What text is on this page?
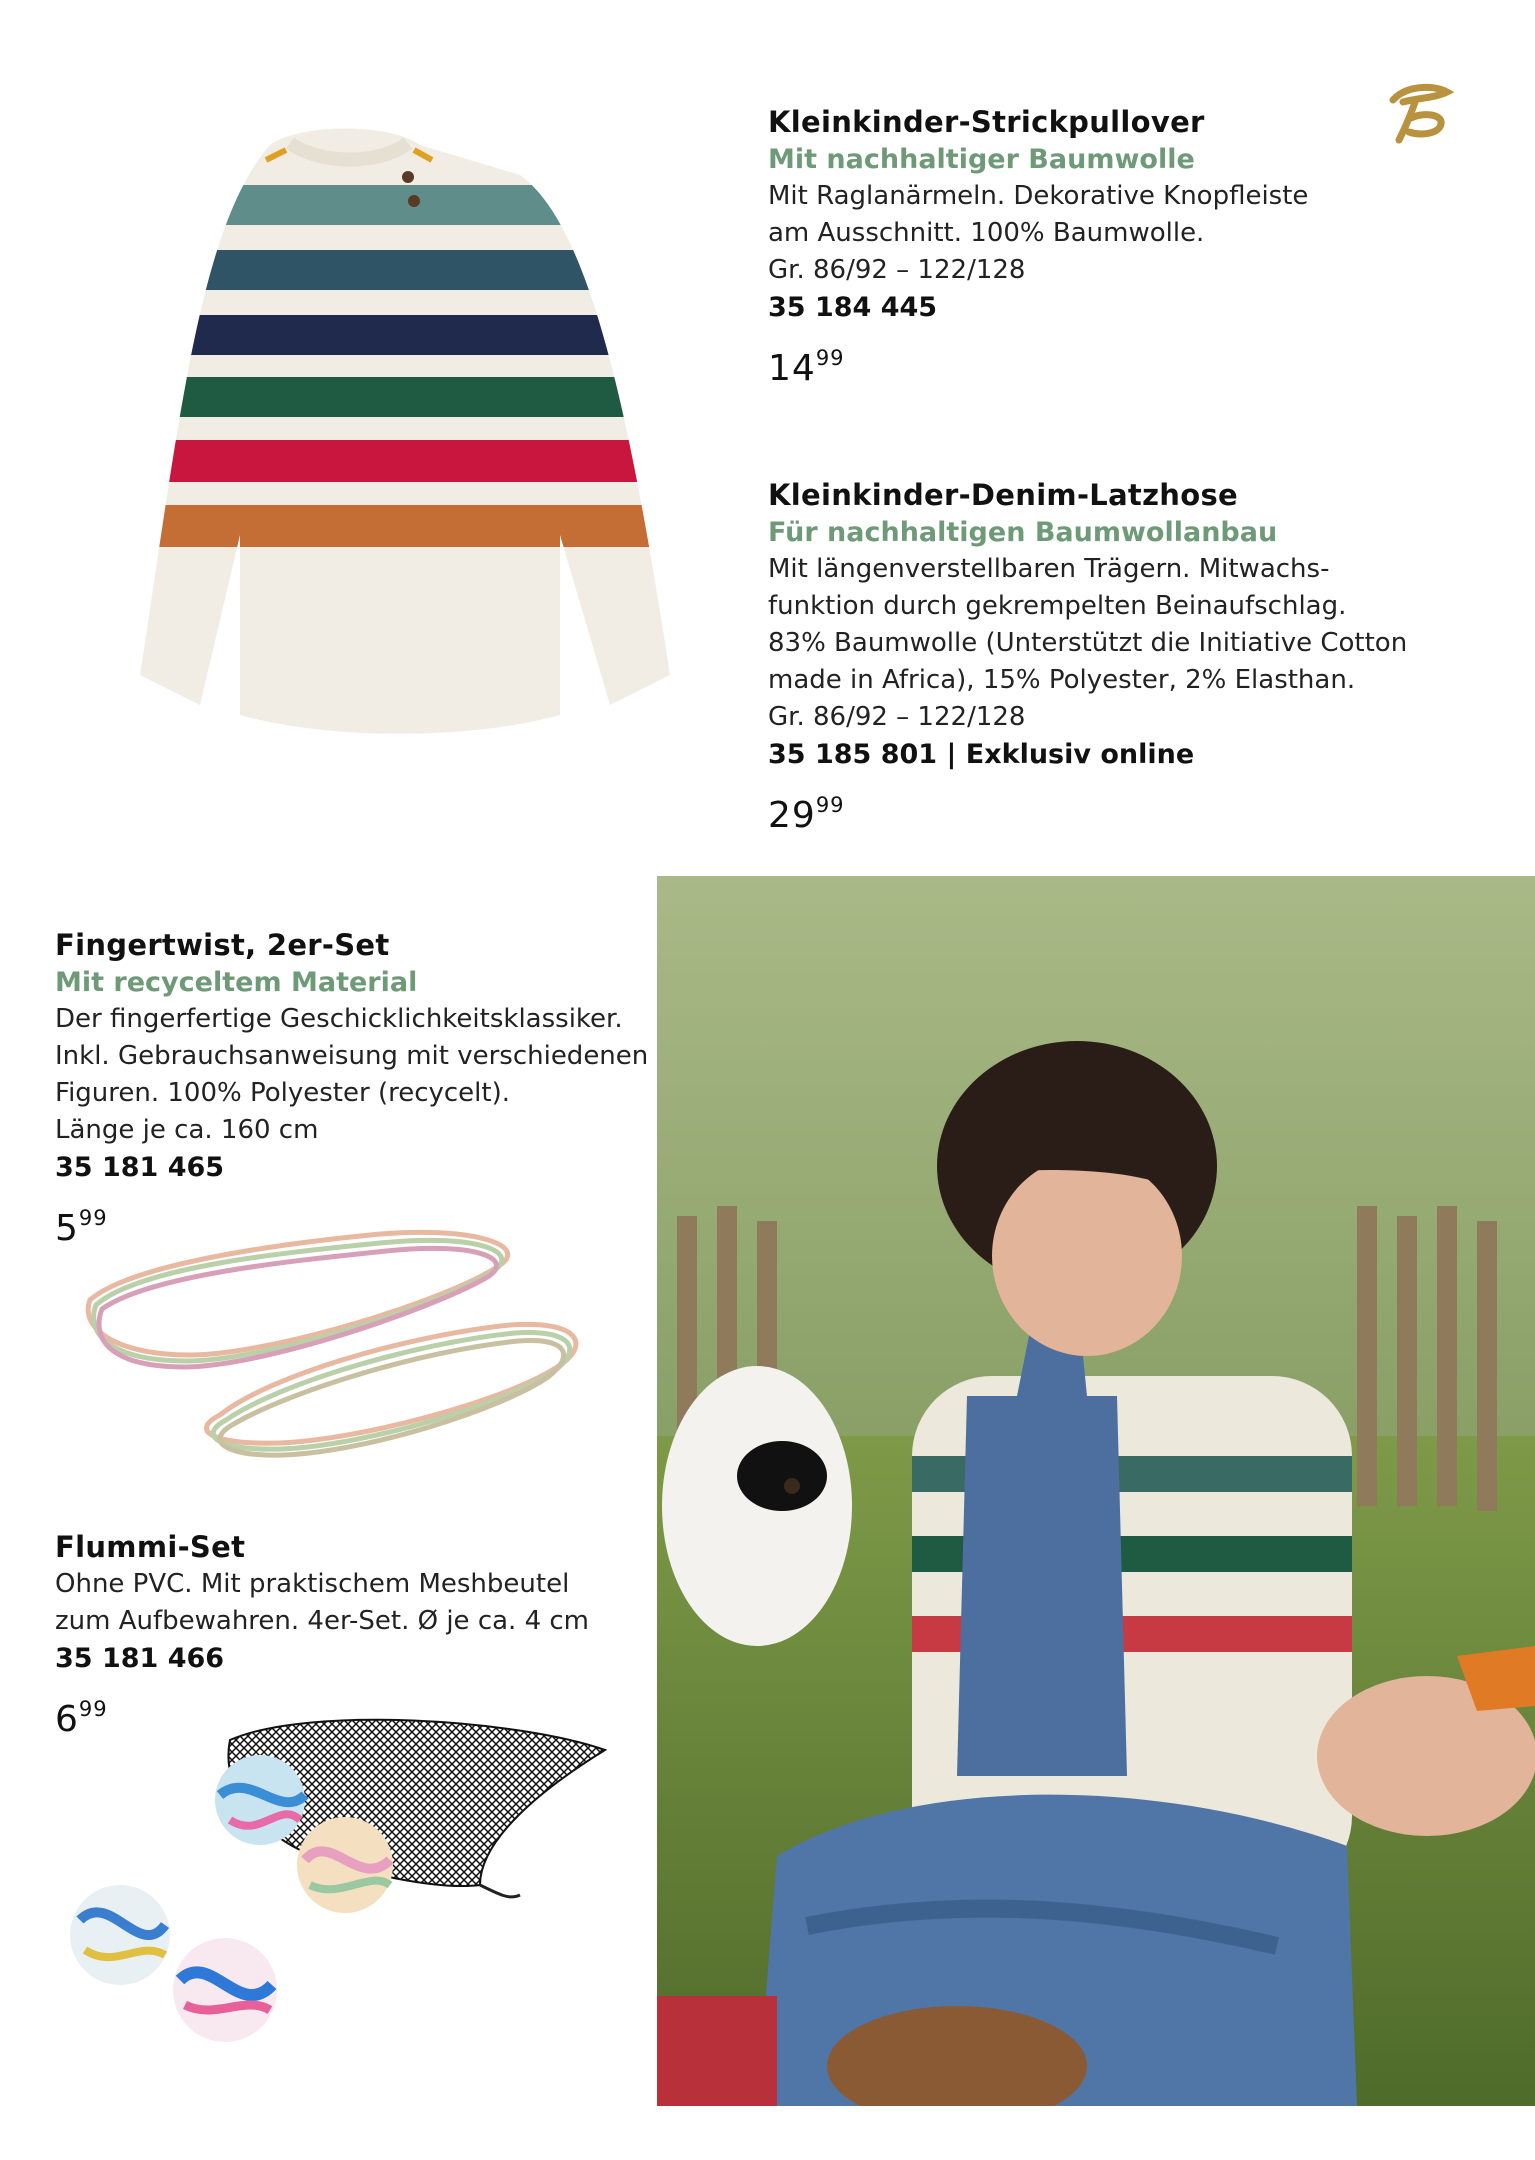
Kleinkinder-Strickpullover

Mit nachhaltiger Baumwolle

Mit Raglanärmeln. Dekorative Knopfleiste
am Ausschnitt. 100% Baumwolle.
Gr. 86/92 – 122/128

35 184 445

$14^{99}$
Kleinkinder-Denim-Latzhose

Für nachhaltigen Baumwollanbau

Mit längenverstellbaren Trägern. Mitwachs-
funktion durch gekrempelten Beinaufschlag.
83% Baumwolle (Unterstützt die Initiative Cotton
made in Africa), 15% Polyester, 2% Elasthan.
Gr. 86/92 – 122/128

35 185 801 | Exklusiv online

$29^{99}$
Fingertwist, 2er-Set

Mit recyceltem Material

Der fingerfertige Geschicklichkeitsklassiker.
Inkl. Gebrauchsanweisung mit verschiedenen
Figuren. 100% Polyester (recycelt).
Länge je ca. 160 cm

35 181 465

$5^{99}$
Flummi-Set

Ohne PVC. Mit praktischem Meshbeutel
zum Aufbewahren. 4er-Set. Ø je ca. 4 cm

35 181 466

$6^{99}$
